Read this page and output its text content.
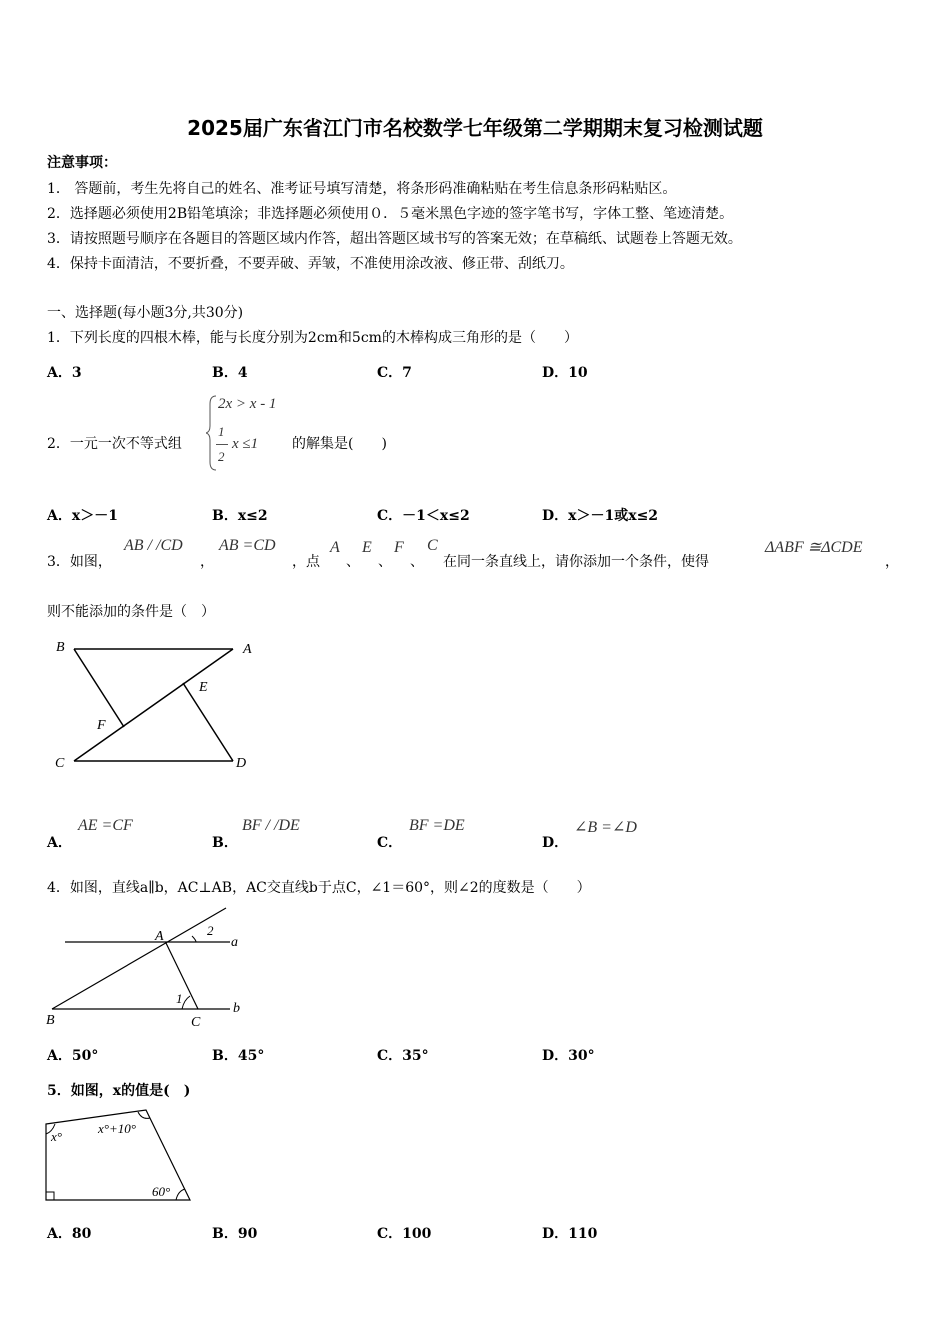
2025届广东省江门市名校数学七年级第二学期期末复习检测试题
注意事项：
1． 答题前，考生先将自己的姓名、准考证号填写清楚，将条形码准确粘贴在考生信息条形码粘贴区。
2．选择题必须使用2B铅笔填涂；非选择题必须使用０．５毫米黑色字迹的签字笔书写，字体工整、笔迹清楚。
3．请按照题号顺序在各题目的答题区域内作答，超出答题区域书写的答案无效；在草稿纸、试题卷上答题无效。
4．保持卡面清洁，不要折叠，不要弄破、弄皱，不准使用涂改液、修正带、刮纸刀。
一、选择题(每小题3分,共30分)
1．下列长度的四根木棒，能与长度分别为2cm和5cm的木棒构成三角形的是（　　）
A．3	B．4	C．7	D．10
2．一元一次不等式组
2x > x - 1
1
2
x ≤1 的解集是(　　)
A．x＞－1	B．x≤2	C．－1＜x≤2	D．x＞－1或x≤2
3．如图，
AB / /CD
，
AB =CD
，点
A
、
E
、
F
、
C
在同一条直线上，请你添加一个条件，使得
ΔABF ≅ΔCDE
，
则不能添加的条件是（　）
B	A
E
F
C	D
A．
AE =CF
B．
BF / /DE
C．
BF =DE
D．
∠B =∠D
4．如图，直线a∥b，AC⊥AB，AC交直线b于点C，∠1＝60°，则∠2的度数是（　　）
A	a
b
B	C
1
2
A．50°	B．45°	C．35°	D．30°
5．如图，x的值是(　)
x°
x°+10°
60°
A．80	B．90	C．100	D．110
